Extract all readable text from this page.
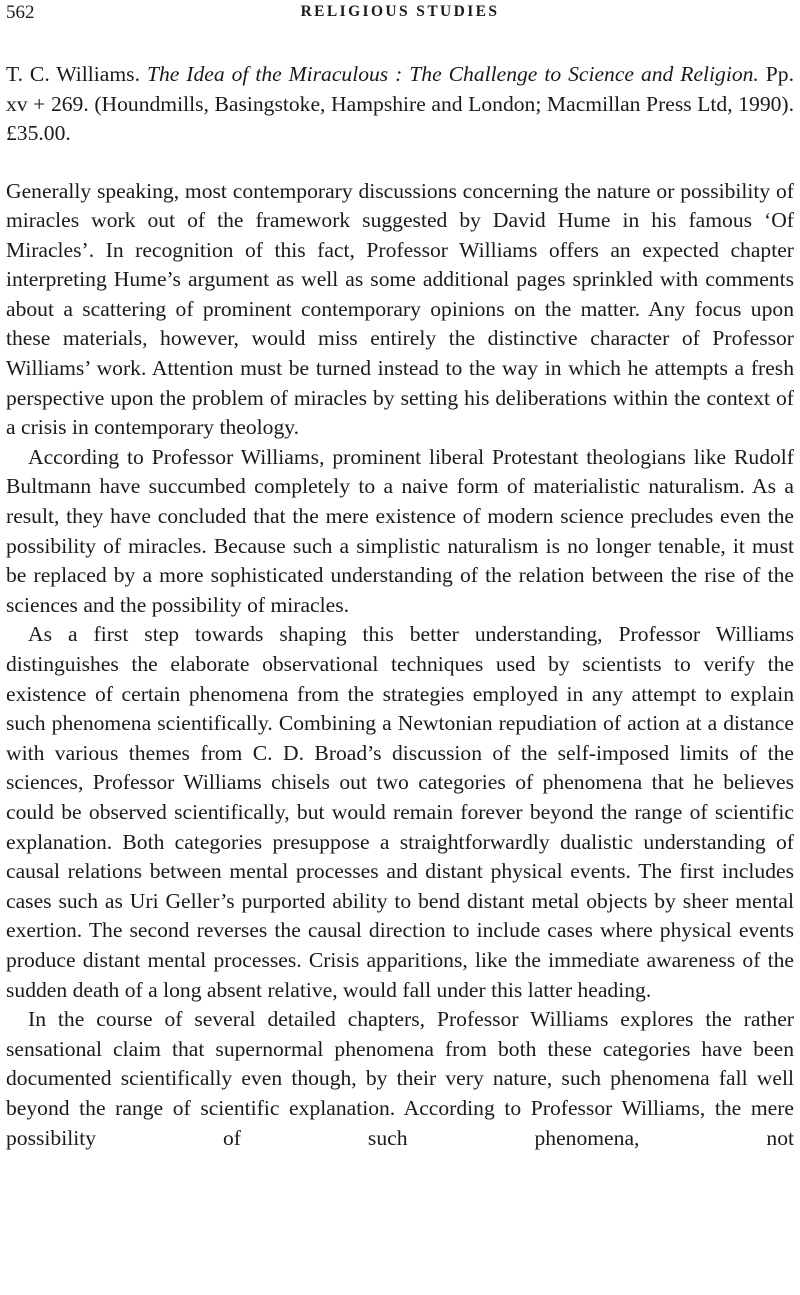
562	RELIGIOUS STUDIES
T. C. Williams. The Idea of the Miraculous : The Challenge to Science and Religion. Pp. xv + 269. (Houndmills, Basingstoke, Hampshire and London; Macmillan Press Ltd, 1990). £35.00.

Generally speaking, most contemporary discussions concerning the nature or possibility of miracles work out of the framework suggested by David Hume in his famous ‘Of Miracles’. In recognition of this fact, Professor Williams offers an expected chapter interpreting Hume’s argument as well as some additional pages sprinkled with comments about a scattering of prominent contemporary opinions on the matter. Any focus upon these materials, however, would miss entirely the distinctive character of Professor Williams’ work. Attention must be turned instead to the way in which he attempts a fresh perspective upon the problem of miracles by setting his deliberations within the context of a crisis in contemporary theology.

According to Professor Williams, prominent liberal Protestant theologians like Rudolf Bultmann have succumbed completely to a naive form of materialistic naturalism. As a result, they have concluded that the mere existence of modern science precludes even the possibility of miracles. Because such a simplistic naturalism is no longer tenable, it must be replaced by a more sophisticated understanding of the relation between the rise of the sciences and the possibility of miracles.

As a first step towards shaping this better understanding, Professor Williams distinguishes the elaborate observational techniques used by scientists to verify the existence of certain phenomena from the strategies employed in any attempt to explain such phenomena scientifically. Combining a Newtonian repudiation of action at a distance with various themes from C. D. Broad’s discussion of the self-imposed limits of the sciences, Professor Williams chisels out two categories of phenomena that he believes could be observed scientifically, but would remain forever beyond the range of scientific explanation. Both categories presuppose a straightforwardly dualistic understanding of causal relations between mental processes and distant physical events. The first includes cases such as Uri Geller’s purported ability to bend distant metal objects by sheer mental exertion. The second reverses the causal direction to include cases where physical events produce distant mental processes. Crisis apparitions, like the immediate awareness of the sudden death of a long absent relative, would fall under this latter heading.

In the course of several detailed chapters, Professor Williams explores the rather sensational claim that supernormal phenomena from both these categories have been documented scientifically even though, by their very nature, such phenomena fall well beyond the range of scientific explanation. According to Professor Williams, the mere possibility of such phenomena, not
